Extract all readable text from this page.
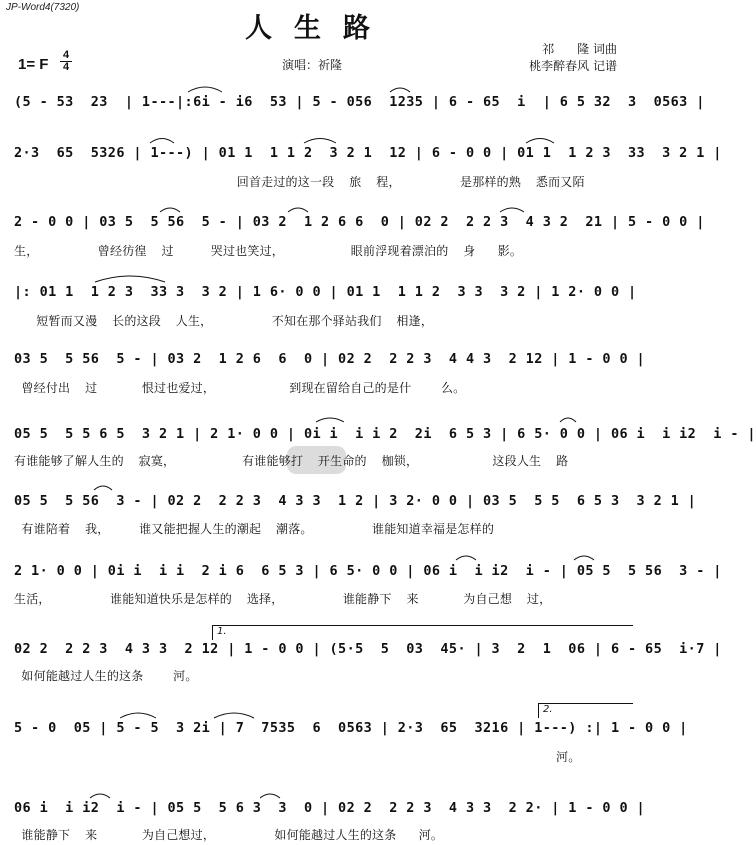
JP-Word4(7320)
人生路
1= F
4
4	演唱：祈隆
祁      隆 词曲
桃李醉春风 记谱
(5 - 53  23  | 1---|:6i - i6  53 | 5 - 056  1235 | 6 - 65  i  | 6 5 32  3  0563 |
2·3  65  5326 | 1---) | 01 1  1 1 2  3 2 1  12 | 6 - 0 0 | 01 1  1 2 3  33  3 2 1 |
回首走过的这一段  旅  程，        是那样的熟  悉而又陌
2 - 0 0 | 03 5  5 56  5 - | 03 2  1 2 6 6  0 | 02 2  2 2 3  4 3 2  21 | 5 - 0 0 |
生，        曾经彷徨  过     哭过也笑过，         眼前浮现着漂泊的  身   影。
|: 01 1  1 2 3  33 3  3 2 | 1 6· 0 0 | 01 1  1 1 2  3 3  3 2 | 1 2· 0 0 |
短暂而又漫  长的这段  人生，        不知在那个驿站我们  相逢，
03 5  5 56  5 - | 03 2  1 2 6  6  0 | 02 2  2 2 3  4 4 3  2 12 | 1 - 0 0 |
曾经付出  过      恨过也爱过，          到现在留给自己的是什    么。
05 5  5 5 6 5  3 2 1 | 2 1· 0 0 | 0i i  i i 2  2i  6 5 3 | 6 5· 0 0 | 06 i  i i2  i - |
有谁能够了解人生的  寂寞，         有谁能够打  开生命的  枷锁，          这段人生  路
05 5  5 56  3 - | 02 2  2 2 3  4 3 3  1 2 | 3 2· 0 0 | 03 5  5 5  6 5 3  3 2 1 |
有谁陪着  我，    谁又能把握人生的潮起  潮落。        谁能知道幸福是怎样的
2 1· 0 0 | 0i i  i i  2 i 6  6 5 3 | 6 5· 0 0 | 06 i  i i2  i - | 05 5  5 56  3 - |
生活，        谁能知道快乐是怎样的  选择，        谁能静下  来      为自己想  过，
02 2  2 2 3  4 3 3  2 12 | 1 - 0 0 | (5·5  5  03  45· | 3  2  1  06 | 6 - 65  i·7 |
如何能越过人生的这条    河。
5 - 0  05 | 5 - 5  3 2i | 7  7535  6  0563 | 2·3  65  3216 | 1---) :| 1 - 0 0 |
河。
06 i  i i2  i - | 05 5  5 6 3  3  0 | 02 2  2 2 3  4 3 3  2 2· | 1 - 0 0 |
谁能静下  来      为自己想过，        如何能越过人生的这条   河。
1.
2.
